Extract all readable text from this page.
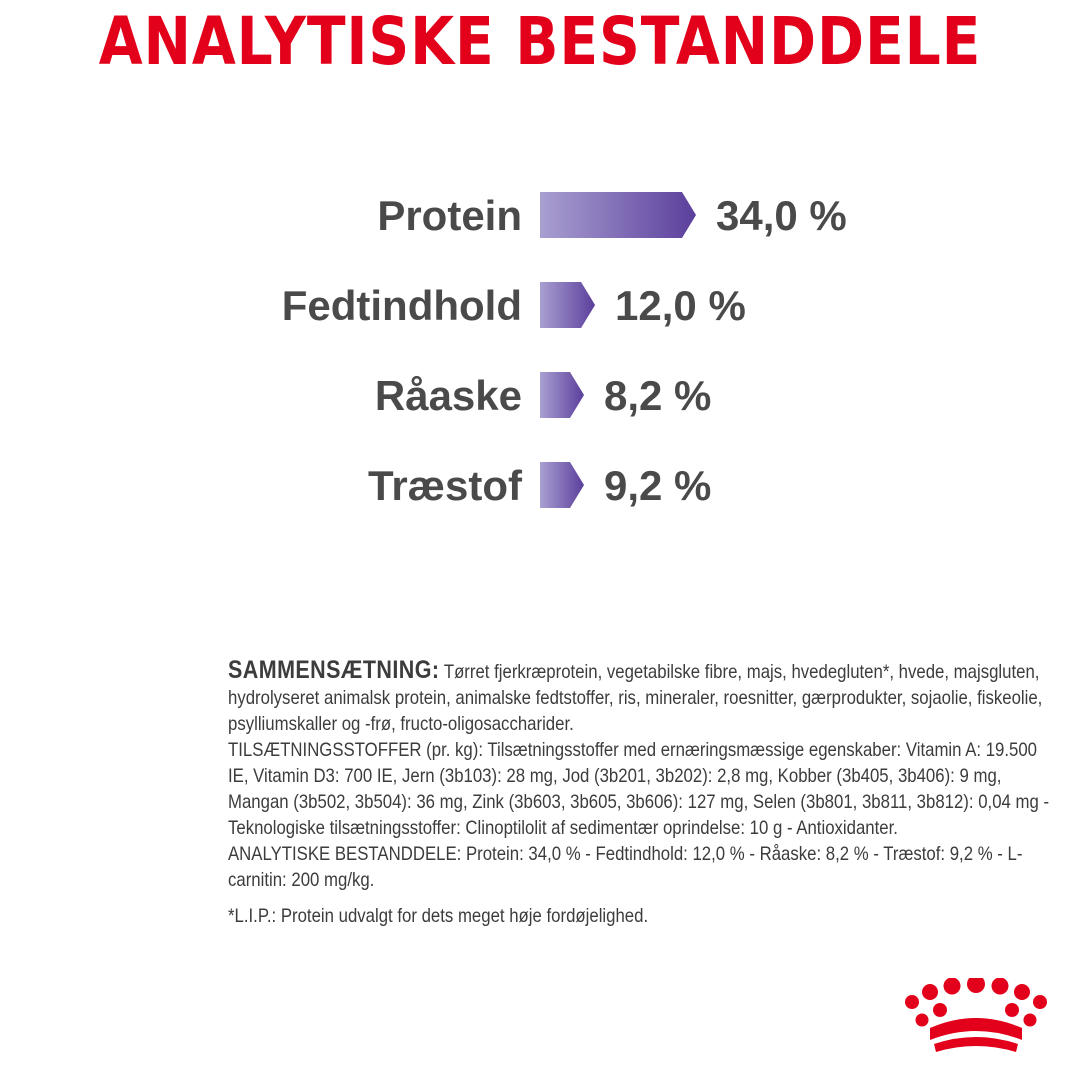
ANALYTISKE BESTANDDELE
Protein	34,0 %
Fedtindhold 12,0 %
Råaske 8,2 %
Træstof 9,2 %

SAMMENSÆTNING: Tørret fjerkræprotein, vegetabilske fibre, majs, hvedegluten*, hvede, majsgluten, hydrolyseret animalsk protein, animalske fedtstoffer, ris, mineraler, roesnitter, gærprodukter, sojaolie, fiskeolie, psylliumskaller og -frø, fructo-oligosaccharider.

TILSÆTNINGSSTOFFER (pr. kg): Tilsætningsstoffer med ernæringsmæssige egenskaber: Vitamin A: 19.500 IE, Vitamin D3: 700 IE, Jern (3b103): 28 mg, Jod (3b201, 3b202): 2,8 mg, Kobber (3b405, 3b406): 9 mg, Mangan (3b502, 3b504): 36 mg, Zink (3b603, 3b605, 3b606): 127 mg, Selen (3b801, 3b811, 3b812): 0,04 mg - Teknologiske tilsætningsstoffer: Clinoptilolit af sedimentær oprindelse: 10 g - Antioxidanter.

ANALYTISKE BESTANDDELE: Protein: 34,0 % - Fedtindhold: 12,0 % - Råaske: 8,2 % - Træstof: 9,2 % - L-carnitin: 200 mg/kg.

*L.I.P.: Protein udvalgt for dets meget høje fordøjelighed.
